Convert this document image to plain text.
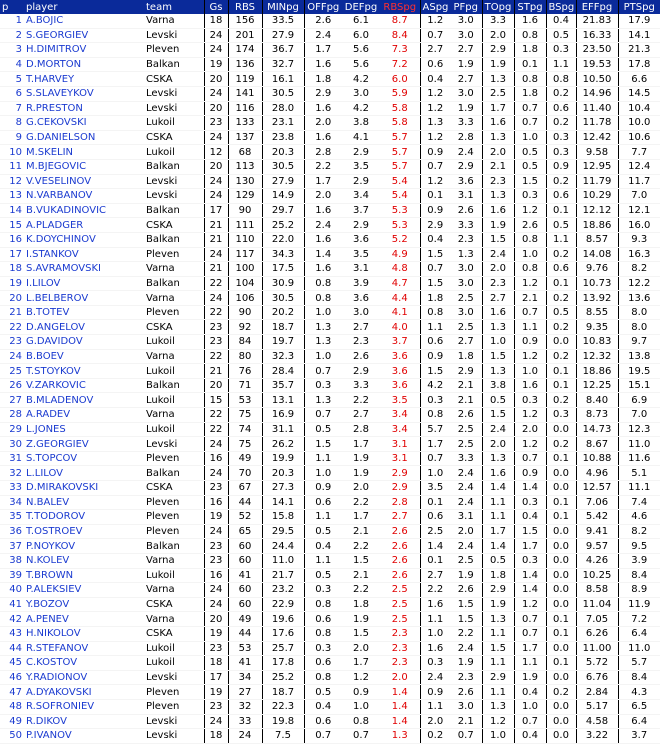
p	player	team	Gs	RBS	MINpg	OFFpg	DEFpg	RBSpg	ASpg	PFpg	TOpg	STpg	BSpg	EFFpg	PTSpg
1	A.BOJIC	Varna	18	156	33.5	2.6	6.1	8.7	1.2	3.0	3.3	1.6	0.4	21.83	17.9
2	S.GEORGIEV	Levski	24	201	27.9	2.4	6.0	8.4	0.7	3.0	2.0	0.8	0.5	16.33	14.1
3	H.DIMITROV	Pleven	24	174	36.7	1.7	5.6	7.3	2.7	2.7	2.9	1.8	0.3	23.50	21.3
4	D.MORTON	Balkan	19	136	32.7	1.6	5.6	7.2	0.6	1.9	1.9	0.1	1.1	19.53	17.8
5	T.HARVEY	CSKA	20	119	16.1	1.8	4.2	6.0	0.4	2.7	1.3	0.8	0.8	10.50	6.6
6	S.SLAVEYKOV	Levski	24	141	30.5	2.9	3.0	5.9	1.2	3.0	2.5	1.8	0.2	14.96	14.5
7	R.PRESTON	Levski	20	116	28.0	1.6	4.2	5.8	1.2	1.9	1.7	0.7	0.6	11.40	10.4
8	G.CEKOVSKI	Lukoil	23	133	23.1	2.0	3.8	5.8	1.3	3.3	1.6	0.7	0.2	11.78	10.0
9	G.DANIELSON	CSKA	24	137	23.8	1.6	4.1	5.7	1.2	2.8	1.3	1.0	0.3	12.42	10.6
10	M.SKELIN	Lukoil	12	68	20.3	2.8	2.9	5.7	0.9	2.4	2.0	0.5	0.3	9.58	7.7
11	M.BJEGOVIC	Balkan	20	113	30.5	2.2	3.5	5.7	0.7	2.9	2.1	0.5	0.9	12.95	12.4
12	V.VESELINOV	Levski	24	130	27.9	1.7	2.9	5.4	1.2	3.6	2.3	1.5	0.2	11.79	11.7
13	N.VARBANOV	Levski	24	129	14.9	2.0	3.4	5.4	0.1	3.1	1.3	0.3	0.6	10.29	7.0
14	B.VUKADINOVIC	Balkan	17	90	29.7	1.6	3.7	5.3	0.9	2.6	1.6	1.2	0.1	12.12	12.1
15	A.PLADGER	CSKA	21	111	25.2	2.4	2.9	5.3	2.9	3.3	1.9	2.6	0.5	18.86	16.0
16	K.DOYCHINOV	Balkan	21	110	22.0	1.6	3.6	5.2	0.4	2.3	1.5	0.8	1.1	8.57	9.3
17	I.STANKOV	Pleven	24	117	34.3	1.4	3.5	4.9	1.5	1.3	2.4	1.0	0.2	14.08	16.3
18	S.AVRAMOVSKI	Varna	21	100	17.5	1.6	3.1	4.8	0.7	3.0	2.0	0.8	0.6	9.76	8.2
19	I.LILOV	Balkan	22	104	30.9	0.8	3.9	4.7	1.5	3.0	2.3	1.2	0.1	10.73	12.2
20	L.BELBEROV	Varna	24	106	30.5	0.8	3.6	4.4	1.8	2.5	2.7	2.1	0.2	13.92	13.6
21	B.TOTEV	Pleven	22	90	20.2	1.0	3.0	4.1	0.8	3.0	1.6	0.7	0.5	8.55	8.0
22	D.ANGELOV	CSKA	23	92	18.7	1.3	2.7	4.0	1.1	2.5	1.3	1.1	0.2	9.35	8.0
23	G.DAVIDOV	Lukoil	23	84	19.7	1.3	2.3	3.7	0.6	2.7	1.0	0.9	0.0	10.83	9.7
24	B.BOEV	Varna	22	80	32.3	1.0	2.6	3.6	0.9	1.8	1.5	1.2	0.2	12.32	13.8
25	T.STOYKOV	Lukoil	21	76	28.4	0.7	2.9	3.6	1.5	2.9	1.3	1.0	0.1	18.86	19.5
26	V.ZARKOVIC	Balkan	20	71	35.7	0.3	3.3	3.6	4.2	2.1	3.8	1.6	0.1	12.25	15.1
27	B.MLADENOV	Lukoil	15	53	13.1	1.3	2.2	3.5	0.3	2.1	0.5	0.3	0.2	8.40	6.9
28	A.RADEV	Varna	22	75	16.9	0.7	2.7	3.4	0.8	2.6	1.5	1.2	0.3	8.73	7.0
29	L.JONES	Lukoil	22	74	31.1	0.5	2.8	3.4	5.7	2.5	2.4	2.0	0.0	14.73	12.3
30	Z.GEORGIEV	Levski	24	75	26.2	1.5	1.7	3.1	1.7	2.5	2.0	1.2	0.2	8.67	11.0
31	S.TOPCOV	Pleven	16	49	19.9	1.1	1.9	3.1	0.7	3.3	1.3	0.7	0.1	10.88	11.6
32	L.LILOV	Balkan	24	70	20.3	1.0	1.9	2.9	1.0	2.4	1.6	0.9	0.0	4.96	5.1
33	D.MIRAKOVSKI	CSKA	23	67	27.3	0.9	2.0	2.9	3.5	2.4	1.4	1.4	0.0	12.57	11.1
34	N.BALEV	Pleven	16	44	14.1	0.6	2.2	2.8	0.1	2.4	1.1	0.3	0.1	7.06	7.4
35	T.TODOROV	Pleven	19	52	15.8	1.1	1.7	2.7	0.6	3.1	1.1	0.4	0.1	5.42	4.6
36	T.OSTROEV	Pleven	24	65	29.5	0.5	2.1	2.6	2.5	2.0	1.7	1.5	0.0	9.41	8.2
37	P.NOYKOV	Balkan	23	60	24.4	0.4	2.2	2.6	1.4	2.4	1.4	1.7	0.0	9.57	9.5
38	N.KOLEV	Varna	23	60	11.0	1.1	1.5	2.6	0.1	2.5	0.5	0.3	0.0	4.26	3.9
39	T.BROWN	Lukoil	16	41	21.7	0.5	2.1	2.6	2.7	1.9	1.8	1.4	0.0	10.25	8.4
40	P.ALEKSIEV	Varna	24	60	23.2	0.3	2.2	2.5	2.2	2.6	2.9	1.4	0.0	8.58	8.9
41	Y.BOZOV	CSKA	24	60	22.9	0.8	1.8	2.5	1.6	1.5	1.9	1.2	0.0	11.04	11.9
42	A.PENEV	Varna	20	49	19.6	0.6	1.9	2.5	1.1	1.5	1.3	0.7	0.1	7.05	7.2
43	H.NIKOLOV	CSKA	19	44	17.6	0.8	1.5	2.3	1.0	2.2	1.1	0.7	0.1	6.26	6.4
44	R.STEFANOV	Lukoil	23	53	25.7	0.3	2.0	2.3	1.6	2.4	1.5	1.7	0.0	11.00	11.0
45	C.KOSTOV	Lukoil	18	41	17.8	0.6	1.7	2.3	0.3	1.9	1.1	1.1	0.1	5.72	5.7
46	Y.RADIONOV	Levski	17	34	25.2	0.8	1.2	2.0	2.4	2.3	2.9	1.9	0.0	6.76	8.4
47	A.DYAKOVSKI	Pleven	19	27	18.7	0.5	0.9	1.4	0.9	2.6	1.1	0.4	0.2	2.84	4.3
48	R.SOFRONIEV	Pleven	23	32	22.3	0.4	1.0	1.4	1.1	3.0	1.3	1.0	0.0	5.17	6.5
49	R.DIKOV	Levski	24	33	19.8	0.6	0.8	1.4	2.0	2.1	1.2	0.7	0.0	4.58	6.4
50	P.IVANOV	Levski	18	24	7.5	0.7	0.7	1.3	0.2	0.7	1.0	0.4	0.0	3.22	3.7
